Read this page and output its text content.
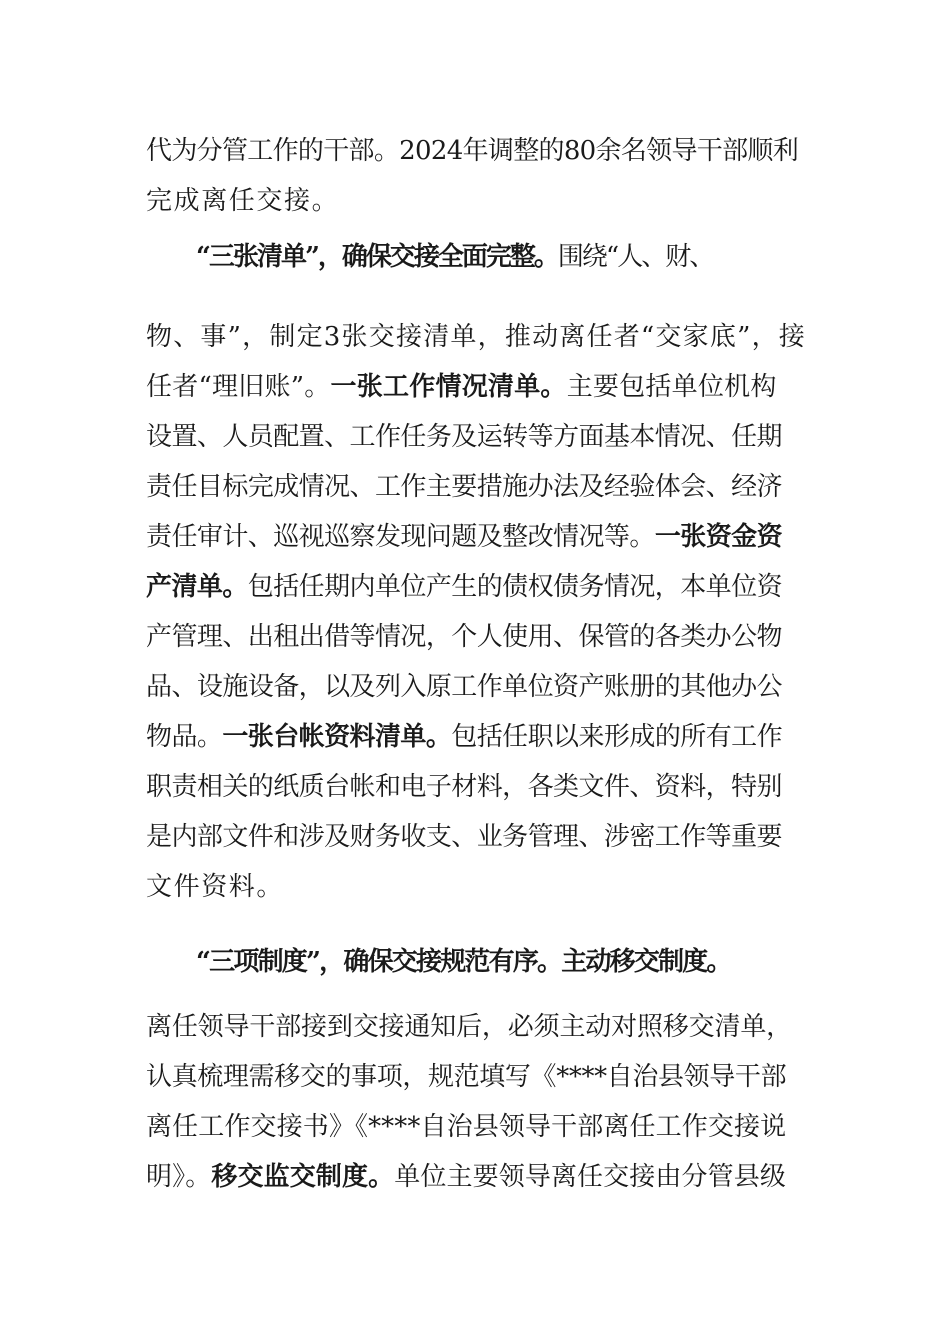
代为分管工作的干部。2024年调整的80余名领导干部顺利
完成离任交接。
“三张清单”，确保交接全面完整。围绕“人、财、
物、事”，制定3张交接清单，推动离任者“交家底”，接
任者“理旧账”。一张工作情况清单。主要包括单位机构
设置、人员配置、工作任务及运转等方面基本情况、任期
责任目标完成情况、工作主要措施办法及经验体会、经济
责任审计、巡视巡察发现问题及整改情况等。一张资金资
产清单。包括任期内单位产生的债权债务情况，本单位资
产管理、出租出借等情况，个人使用、保管的各类办公物
品、设施设备，以及列入原工作单位资产账册的其他办公
物品。一张台帐资料清单。包括任职以来形成的所有工作
职责相关的纸质台帐和电子材料，各类文件、资料，特别
是内部文件和涉及财务收支、业务管理、涉密工作等重要
文件资料。
“三项制度”，确保交接规范有序。主动移交制度。
离任领导干部接到交接通知后，必须主动对照移交清单，
认真梳理需移交的事项，规范填写《****自治县领导干部
离任工作交接书》《****自治县领导干部离任工作交接说
明》。移交监交制度。单位主要领导离任交接由分管县级
